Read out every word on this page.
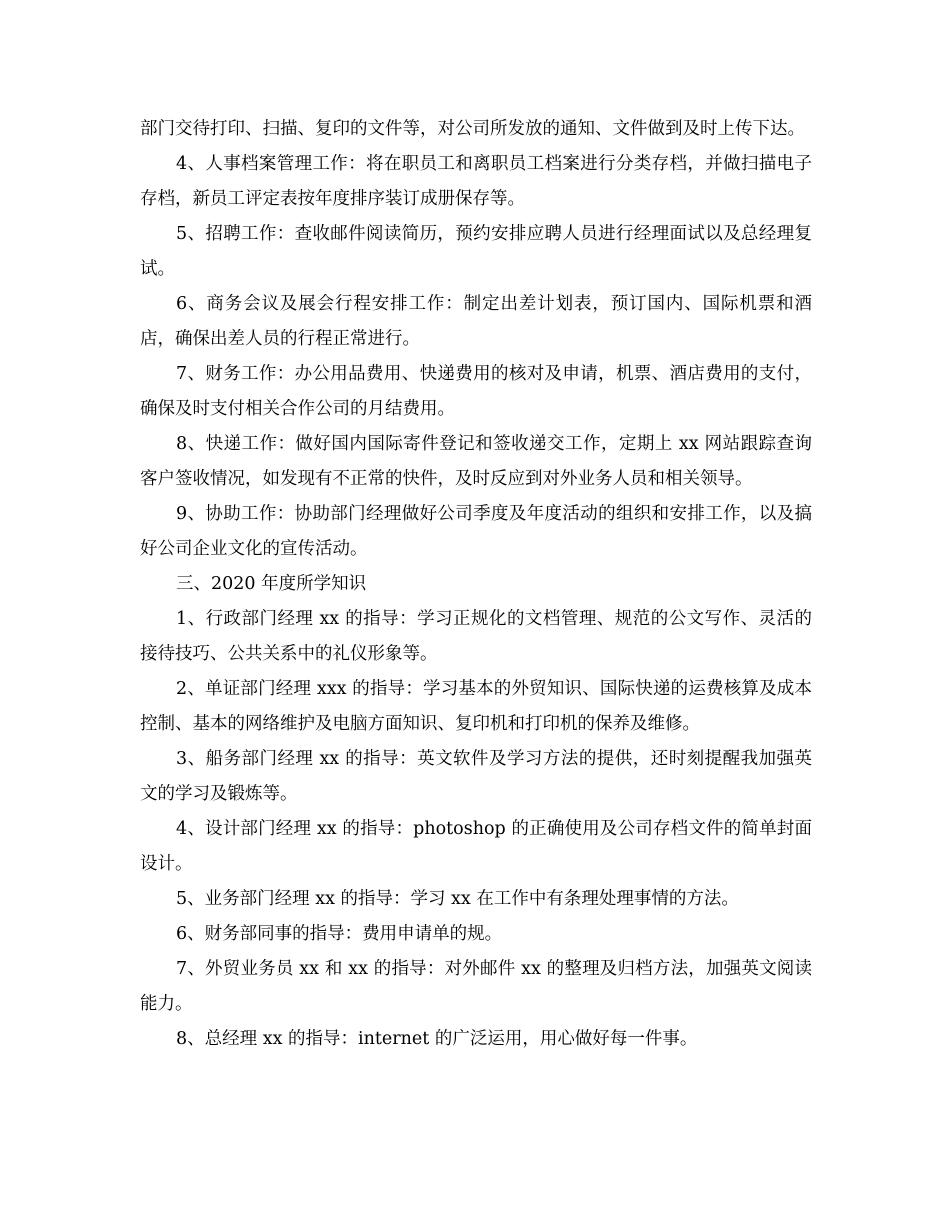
部门交待打印、扫描、复印的文件等，对公司所发放的通知、文件做到及时上传下达。

4、人事档案管理工作：将在职员工和离职员工档案进行分类存档，并做扫描电子存档，新员工评定表按年度排序装订成册保存等。

5、招聘工作：查收邮件阅读简历，预约安排应聘人员进行经理面试以及总经理复试。

6、商务会议及展会行程安排工作：制定出差计划表，预订国内、国际机票和酒店，确保出差人员的行程正常进行。

7、财务工作：办公用品费用、快递费用的核对及申请，机票、酒店费用的支付，确保及时支付相关合作公司的月结费用。

8、快递工作：做好国内国际寄件登记和签收递交工作，定期上 xx 网站跟踪查询客户签收情况，如发现有不正常的快件，及时反应到对外业务人员和相关领导。

9、协助工作：协助部门经理做好公司季度及年度活动的组织和安排工作，以及搞好公司企业文化的宣传活动。

三、2020 年度所学知识

1、行政部门经理 xx 的指导：学习正规化的文档管理、规范的公文写作、灵活的接待技巧、公共关系中的礼仪形象等。

2、单证部门经理 xxx 的指导：学习基本的外贸知识、国际快递的运费核算及成本控制、基本的网络维护及电脑方面知识、复印机和打印机的保养及维修。

3、船务部门经理 xx 的指导：英文软件及学习方法的提供，还时刻提醒我加强英文的学习及锻炼等。

4、设计部门经理 xx 的指导：photoshop 的正确使用及公司存档文件的简单封面设计。

5、业务部门经理 xx 的指导：学习 xx 在工作中有条理处理事情的方法。

6、财务部同事的指导：费用申请单的规。

7、外贸业务员 xx 和 xx 的指导：对外邮件 xx 的整理及归档方法，加强英文阅读能力。

8、总经理 xx 的指导：internet 的广泛运用，用心做好每一件事。
